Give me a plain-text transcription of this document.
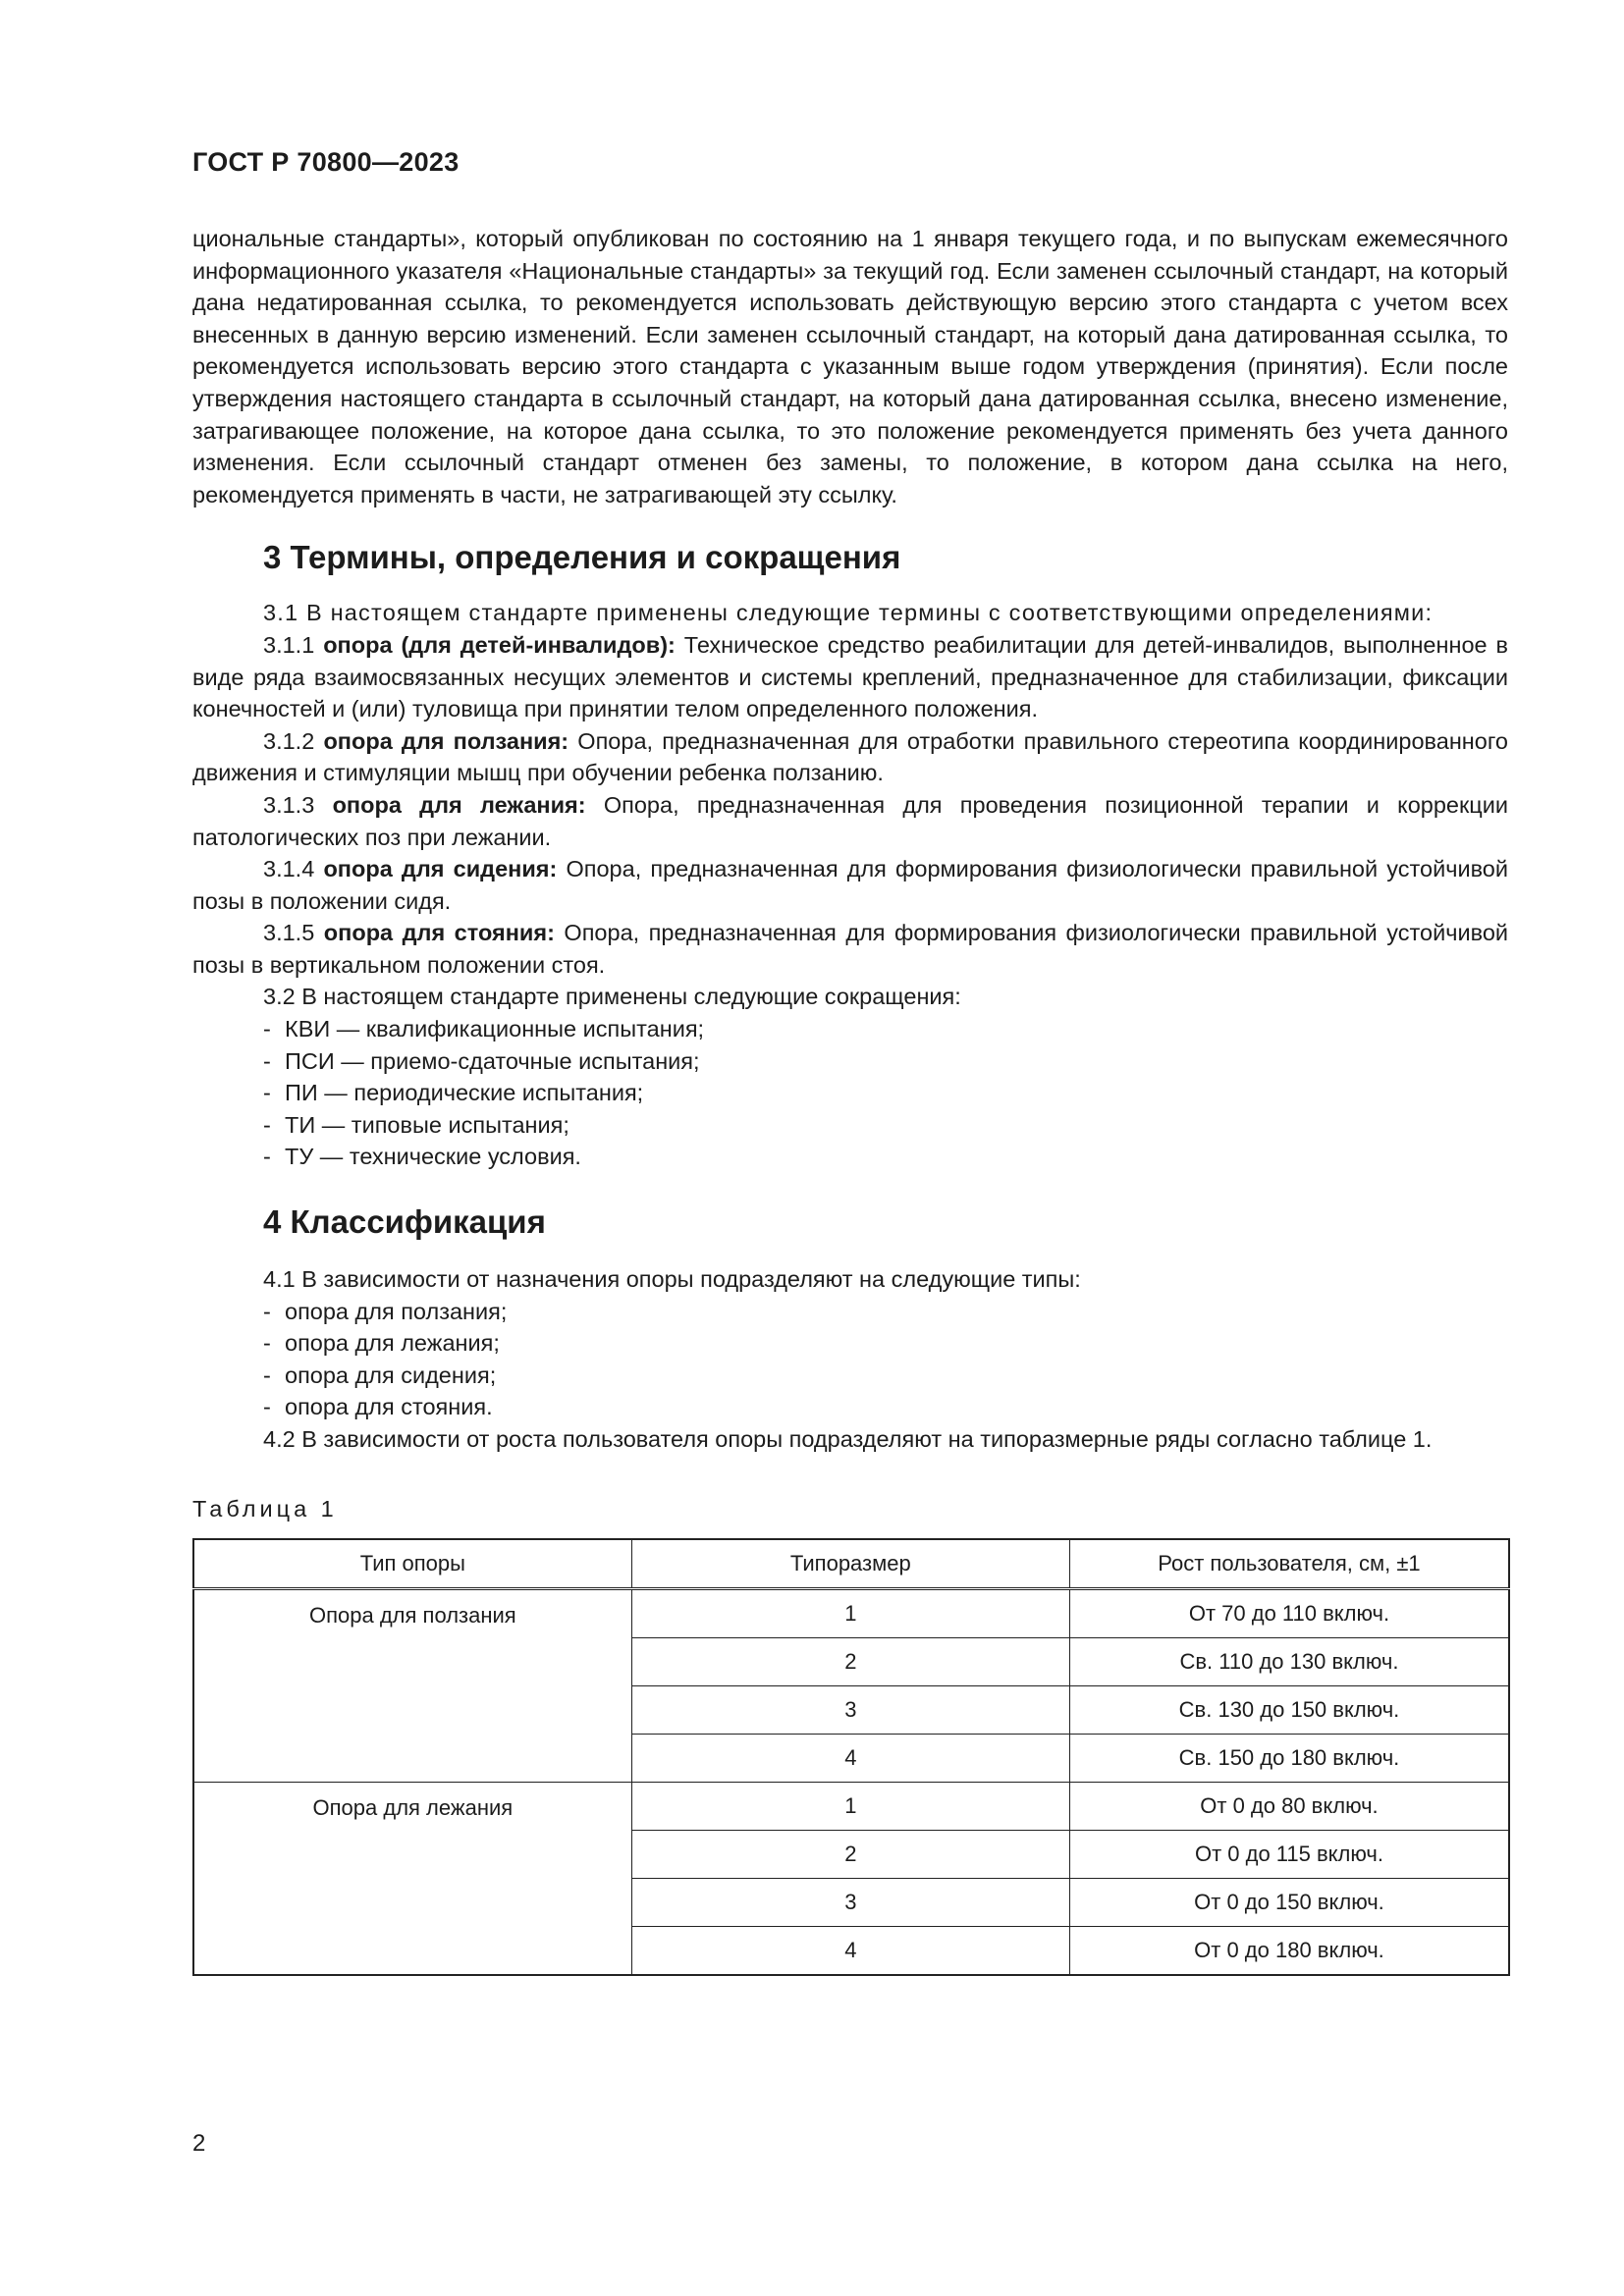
ГОСТ Р 70800—2023

циональные стандарты», который опубликован по состоянию на 1 января текущего года, и по выпускам ежемесячного информационного указателя «Национальные стандарты» за текущий год. Если заменен ссылочный стандарт, на который дана недатированная ссылка, то рекомендуется использовать действующую версию этого стандарта с учетом всех внесенных в данную версию изменений. Если заменен ссылочный стандарт, на который дана датированная ссылка, то рекомендуется использовать версию этого стандарта с указанным выше годом утверждения (принятия). Если после утверждения настоящего стандарта в ссылочный стандарт, на который дана датированная ссылка, внесено изменение, затрагивающее положение, на которое дана ссылка, то это положение рекомендуется применять без учета данного изменения. Если ссылочный стандарт отменен без замены, то положение, в котором дана ссылка на него, рекомендуется применять в части, не затрагивающей эту ссылку.

3 Термины, определения и сокращения

3.1 В настоящем стандарте применены следующие термины с соответствующими определениями:

3.1.1 опора (для детей-инвалидов): Техническое средство реабилитации для детей-инвалидов, выполненное в виде ряда взаимосвязанных несущих элементов и системы креплений, предназначенное для стабилизации, фиксации конечностей и (или) туловища при принятии телом определенного положения.

3.1.2 опора для ползания: Опора, предназначенная для отработки правильного стереотипа координированного движения и стимуляции мышц при обучении ребенка ползанию.

3.1.3 опора для лежания: Опора, предназначенная для проведения позиционной терапии и коррекции патологических поз при лежании.

3.1.4 опора для сидения: Опора, предназначенная для формирования физиологически правильной устойчивой позы в положении сидя.

3.1.5 опора для стояния: Опора, предназначенная для формирования физиологически правильной устойчивой позы в вертикальном положении стоя.

3.2 В настоящем стандарте применены следующие сокращения:

- КВИ — квалификационные испытания;

- ПСИ — приемо-сдаточные испытания;

- ПИ — периодические испытания;

- ТИ — типовые испытания;

- ТУ — технические условия.

4 Классификация

4.1 В зависимости от назначения опоры подразделяют на следующие типы:

- опора для ползания;

- опора для лежания;

- опора для сидения;

- опора для стояния.

4.2 В зависимости от роста пользователя опоры подразделяют на типоразмерные ряды согласно таблице 1.

Таблица 1
Тип опоры	Типоразмер	Рост пользователя, см, ±1
Опора для ползания	1	От 70 до 110 включ.
	2	Св. 110 до 130 включ.
	3	Св. 130 до 150 включ.
	4	Св. 150 до 180 включ.
Опора для лежания	1	От 0 до 80 включ.
	2	От 0 до 115 включ.
	3	От 0 до 150 включ.
	4	От 0 до 180 включ.
2
